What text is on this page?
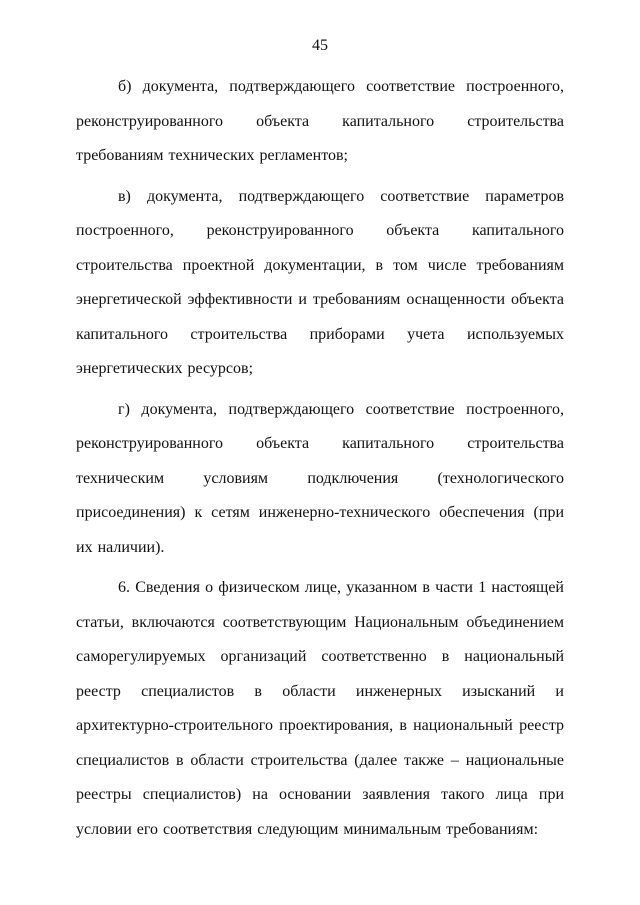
45

б) документа, подтверждающего соответствие построенного, реконструированного объекта капитального строительства требованиям технических регламентов;

в) документа, подтверждающего соответствие параметров построенного, реконструированного объекта капитального строительства проектной документации, в том числе требованиям энергетической эффективности и требованиям оснащенности объекта капитального строительства приборами учета используемых энергетических ресурсов;

г) документа, подтверждающего соответствие построенного, реконструированного объекта капитального строительства техническим условиям подключения (технологического присоединения) к сетям инженерно-технического обеспечения (при их наличии).

6. Сведения о физическом лице, указанном в части 1 настоящей статьи, включаются соответствующим Национальным объединением саморегулируемых организаций соответственно в национальный реестр специалистов в области инженерных изысканий и архитектурно-строительного проектирования, в национальный реестр специалистов в области строительства (далее также – национальные реестры специалистов) на основании заявления такого лица при условии его соответствия следующим минимальным требованиям:
